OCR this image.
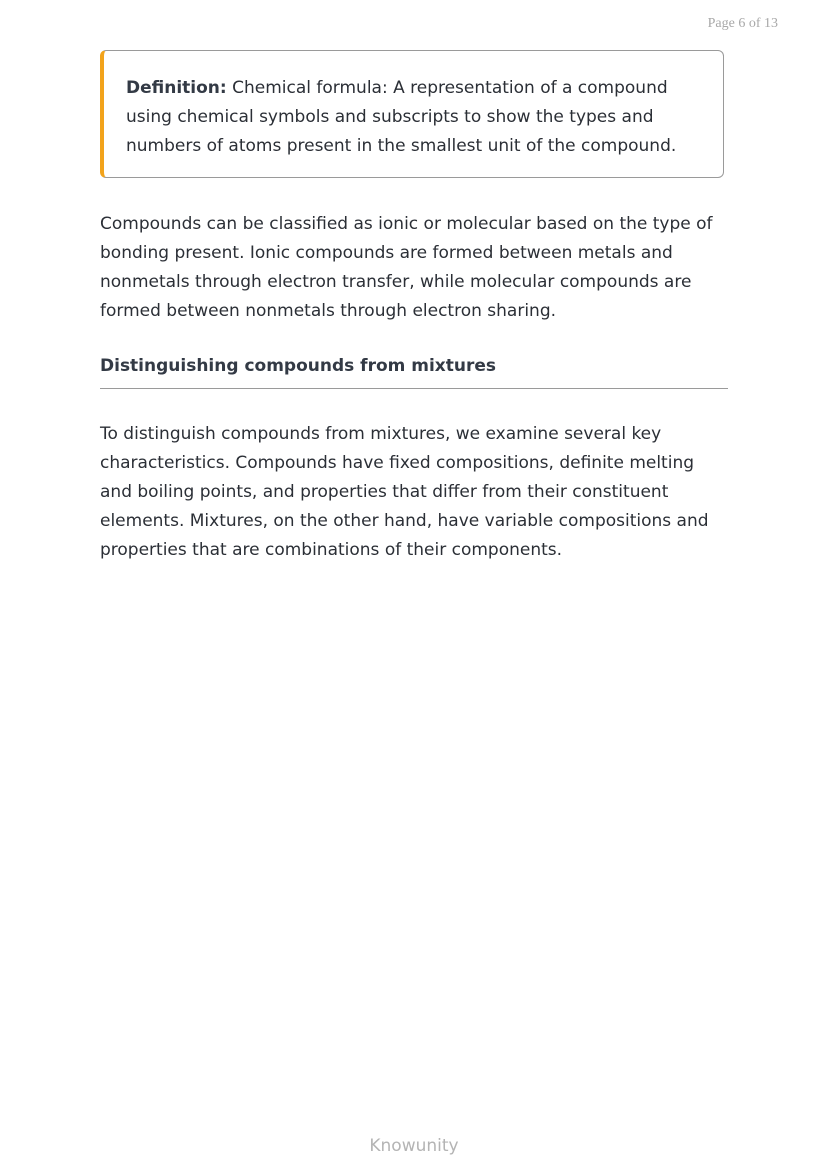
Page 6 of 13
Definition: Chemical formula: A representation of a compound using chemical symbols and subscripts to show the types and numbers of atoms present in the smallest unit of the compound.

Compounds can be classified as ionic or molecular based on the type of bonding present. Ionic compounds are formed between metals and nonmetals through electron transfer, while molecular compounds are formed between nonmetals through electron sharing.

Distinguishing compounds from mixtures

To distinguish compounds from mixtures, we examine several key characteristics. Compounds have fixed compositions, definite melting and boiling points, and properties that differ from their constituent elements. Mixtures, on the other hand, have variable compositions and properties that are combinations of their components.

Knowunity
